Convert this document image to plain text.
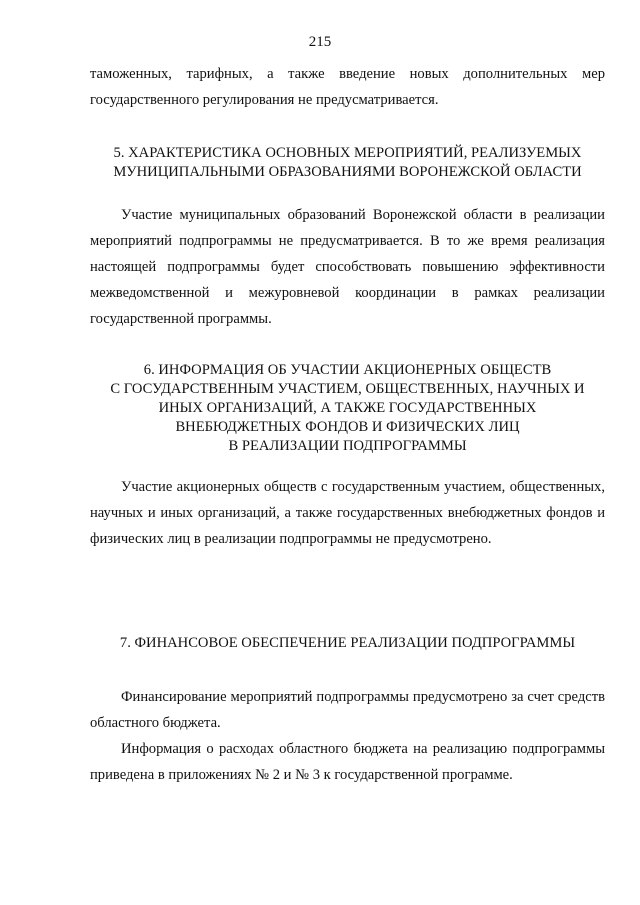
215

таможенных, тарифных, а также введение новых дополнительных мер

государственного регулирования не предусматривается.

5. ХАРАКТЕРИСТИКА ОСНОВНЫХ МЕРОПРИЯТИЙ, РЕАЛИЗУЕМЫХ

МУНИЦИПАЛЬНЫМИ ОБРАЗОВАНИЯМИ ВОРОНЕЖСКОЙ ОБЛАСТИ

Участие муниципальных образований Воронежской области в реализации мероприятий подпрограммы не предусматривается. В то же время реализация настоящей подпрограммы будет способствовать повышению эффективности межведомственной и межуровневой координации в рамках реализации государственной программы.

6. ИНФОРМАЦИЯ ОБ УЧАСТИИ АКЦИОНЕРНЫХ ОБЩЕСТВ

С ГОСУДАРСТВЕННЫМ УЧАСТИЕМ, ОБЩЕСТВЕННЫХ, НАУЧНЫХ И

ИНЫХ ОРГАНИЗАЦИЙ, А ТАКЖЕ ГОСУДАРСТВЕННЫХ

ВНЕБЮДЖЕТНЫХ ФОНДОВ И ФИЗИЧЕСКИХ ЛИЦ

В РЕАЛИЗАЦИИ ПОДПРОГРАММЫ

Участие акционерных обществ с государственным участием, общественных, научных и иных организаций, а также государственных внебюджетных фондов и физических лиц в реализации подпрограммы не предусмотрено.

7. ФИНАНСОВОЕ ОБЕСПЕЧЕНИЕ РЕАЛИЗАЦИИ ПОДПРОГРАММЫ

Финансирование мероприятий подпрограммы предусмотрено за счет средств областного бюджета.

Информация о расходах областного бюджета на реализацию подпрограммы приведена в приложениях № 2 и № 3 к государственной программе.
